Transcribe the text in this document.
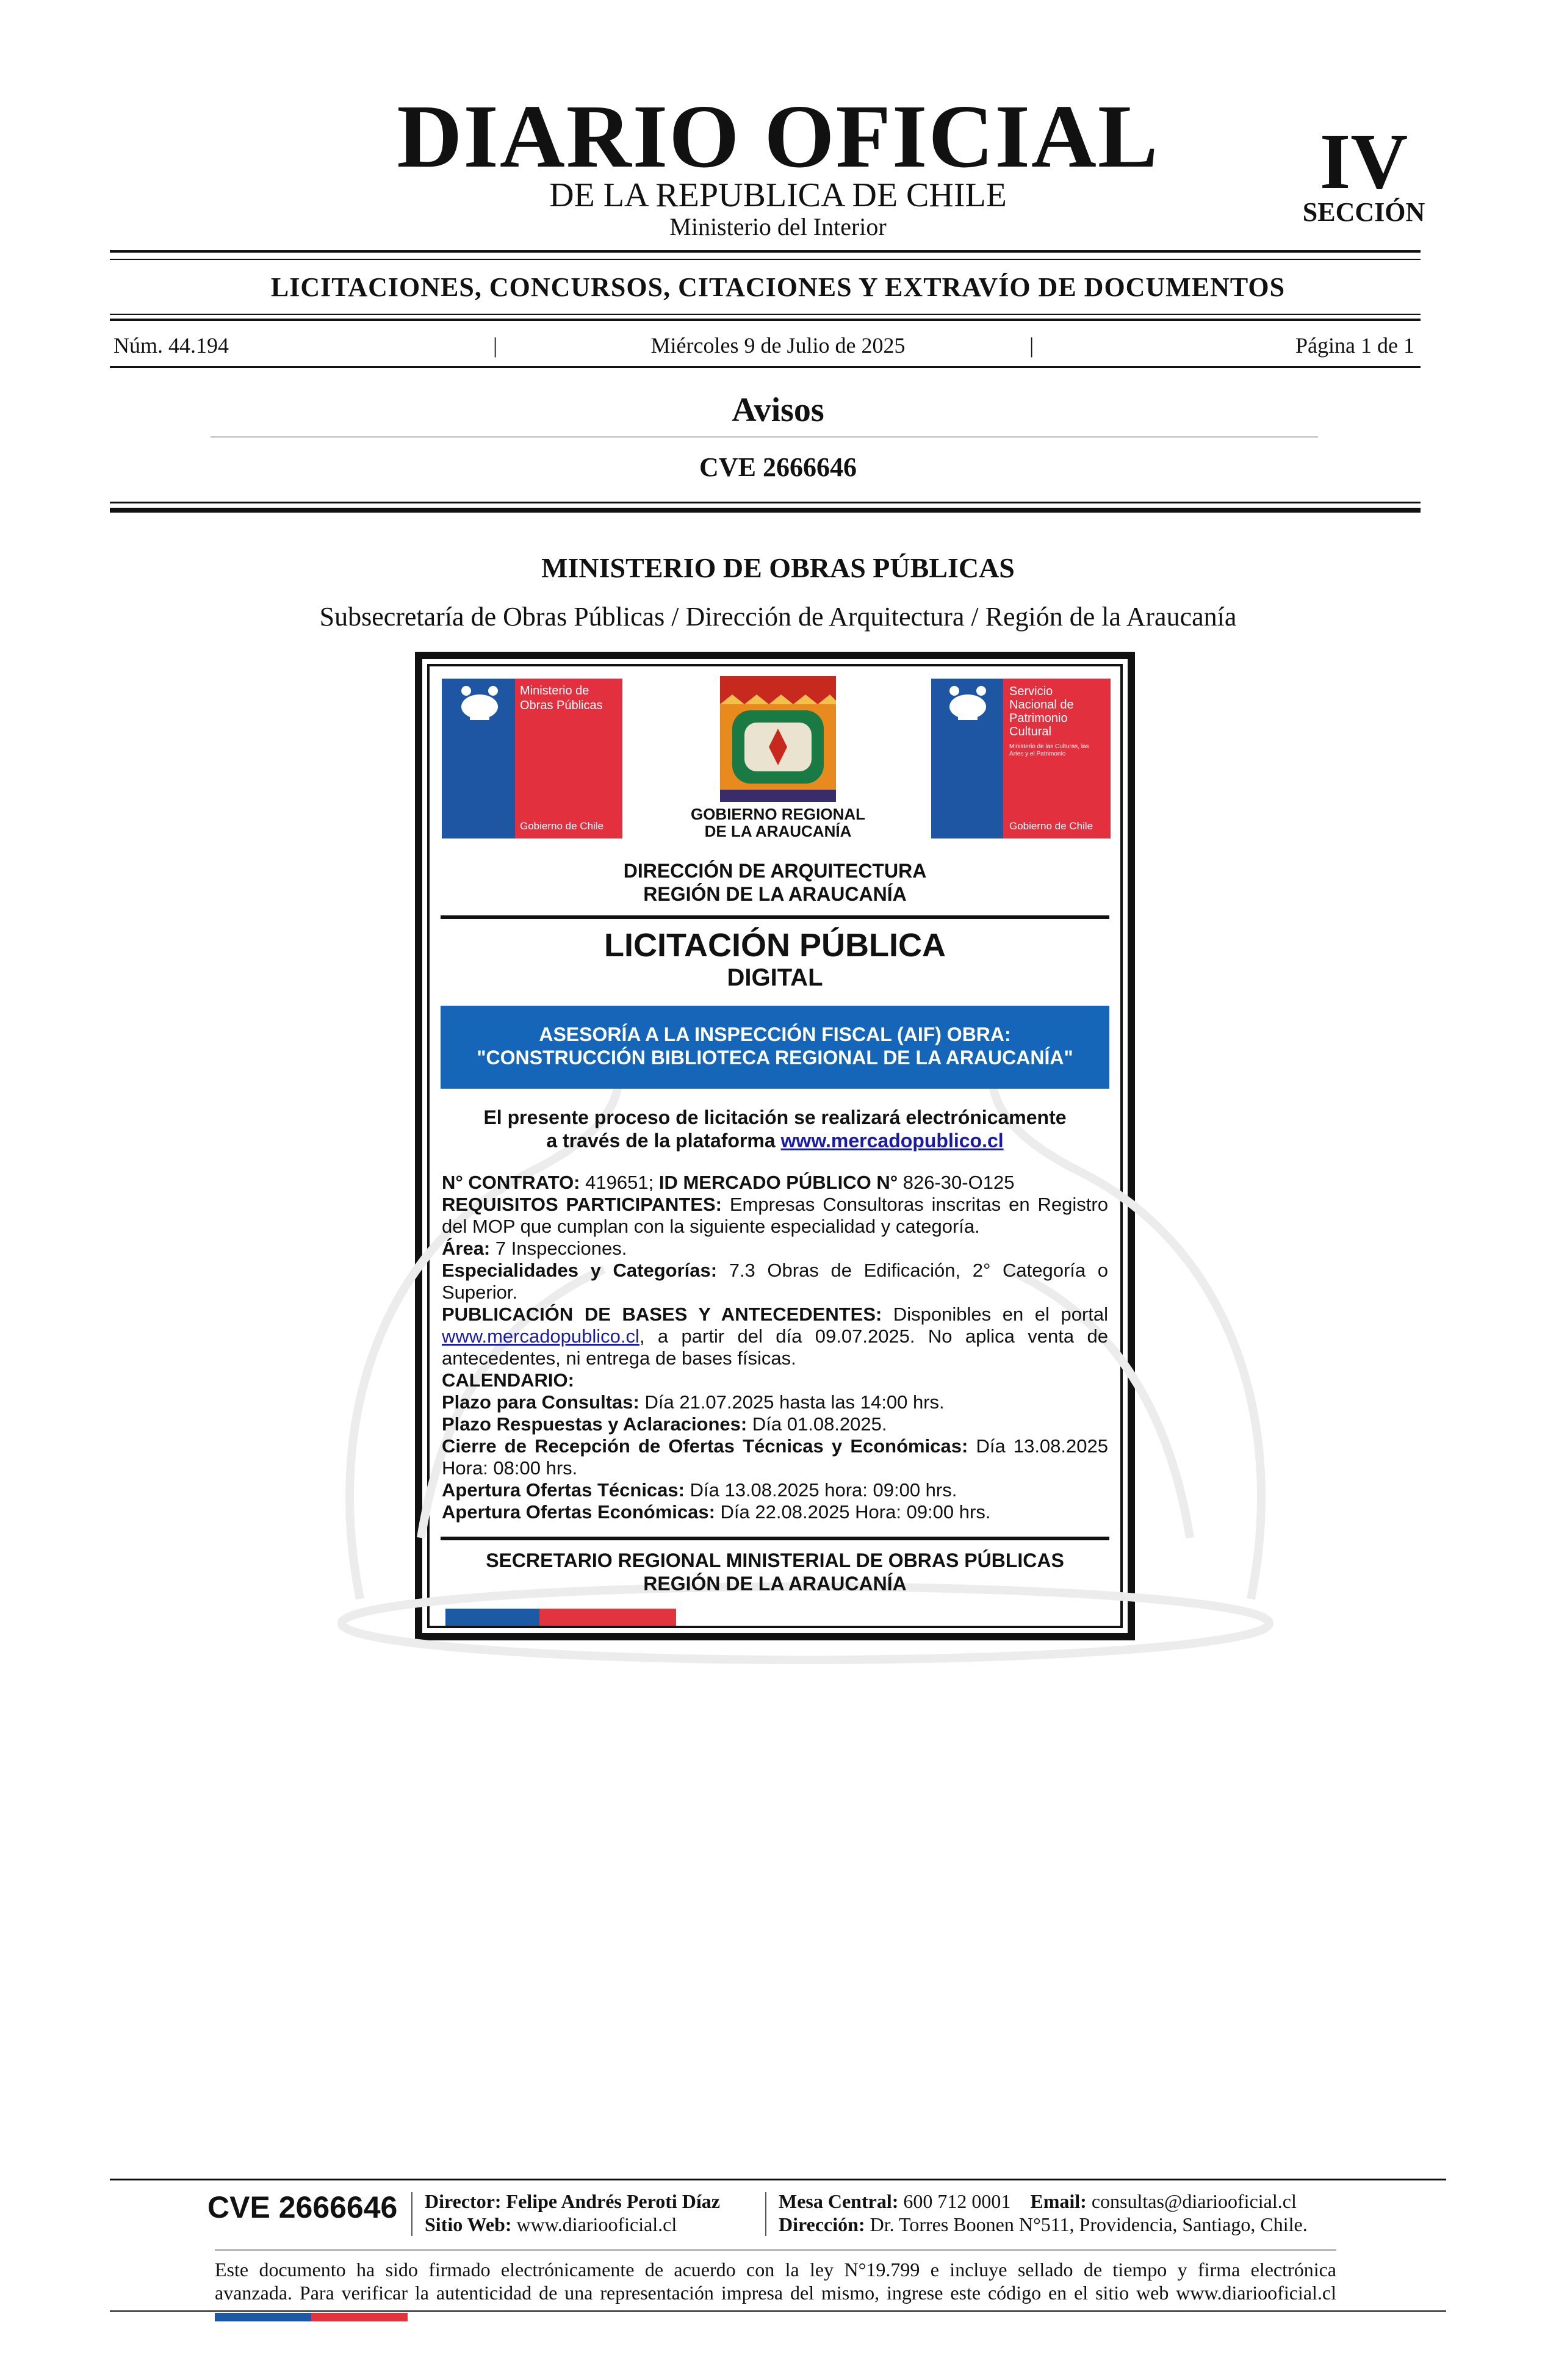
DIARIO OFICIAL
DE LA REPUBLICA DE CHILE
Ministerio del Interior
IV
SECCIÓN
LICITACIONES, CONCURSOS, CITACIONES Y EXTRAVÍO DE DOCUMENTOS
Núm. 44.194	|	Miércoles 9 de Julio de 2025	|	Página 1 de 1
Avisos
CVE 2666646
MINISTERIO DE OBRAS PÚBLICAS
Subsecretaría de Obras Públicas / Dirección de Arquitectura / Región de la Araucanía
Ministerio de
Obras Públicas
Gobierno de Chile
GOBIERNO REGIONAL
DE LA ARAUCANÍA
Servicio
Nacional de
Patrimonio
Cultural
Ministerio de las Culturas, las Artes y el Patrimonio
Gobierno de Chile
DIRECCIÓN DE ARQUITECTURA
REGIÓN DE LA ARAUCANÍA
LICITACIÓN PÚBLICA
DIGITAL
ASESORÍA A LA INSPECCIÓN FISCAL (AIF) OBRA:
"CONSTRUCCIÓN BIBLIOTECA REGIONAL DE LA ARAUCANÍA"
El presente proceso de licitación se realizará electrónicamente
a través de la plataforma www.mercadopublico.cl
N° CONTRATO: 419651; ID MERCADO PÚBLICO N° 826-30-O125
REQUISITOS PARTICIPANTES: Empresas Consultoras inscritas en Registro del MOP que cumplan con la siguiente especialidad y categoría.
Área: 7 Inspecciones.
Especialidades y Categorías: 7.3 Obras de Edificación, 2° Categoría o Superior.
PUBLICACIÓN DE BASES Y ANTECEDENTES: Disponibles en el portal www.mercadopublico.cl, a partir del día 09.07.2025. No aplica venta de antecedentes, ni entrega de bases físicas.
CALENDARIO:
Plazo para Consultas: Día 21.07.2025 hasta las 14:00 hrs.
Plazo Respuestas y Aclaraciones: Día 01.08.2025.
Cierre de Recepción de Ofertas Técnicas y Económicas: Día 13.08.2025 Hora: 08:00 hrs.
Apertura Ofertas Técnicas: Día 13.08.2025 hora: 09:00 hrs.
Apertura Ofertas Económicas: Día 22.08.2025 Hora: 09:00 hrs.
SECRETARIO REGIONAL MINISTERIAL DE OBRAS PÚBLICAS
REGIÓN DE LA ARAUCANÍA
CVE 2666646 Director: Felipe Andrés Peroti Díaz
Sitio Web: www.diariooficial.cl
Mesa Central: 600 712 0001 Email: consultas@diariooficial.cl
Dirección: Dr. Torres Boonen N°511, Providencia, Santiago, Chile.
Este documento ha sido firmado electrónicamente de acuerdo con la ley N°19.799 e incluye sellado de tiempo y firma electrónica
avanzada. Para verificar la autenticidad de una representación impresa del mismo, ingrese este código en el sitio web www.diariooficial.cl
